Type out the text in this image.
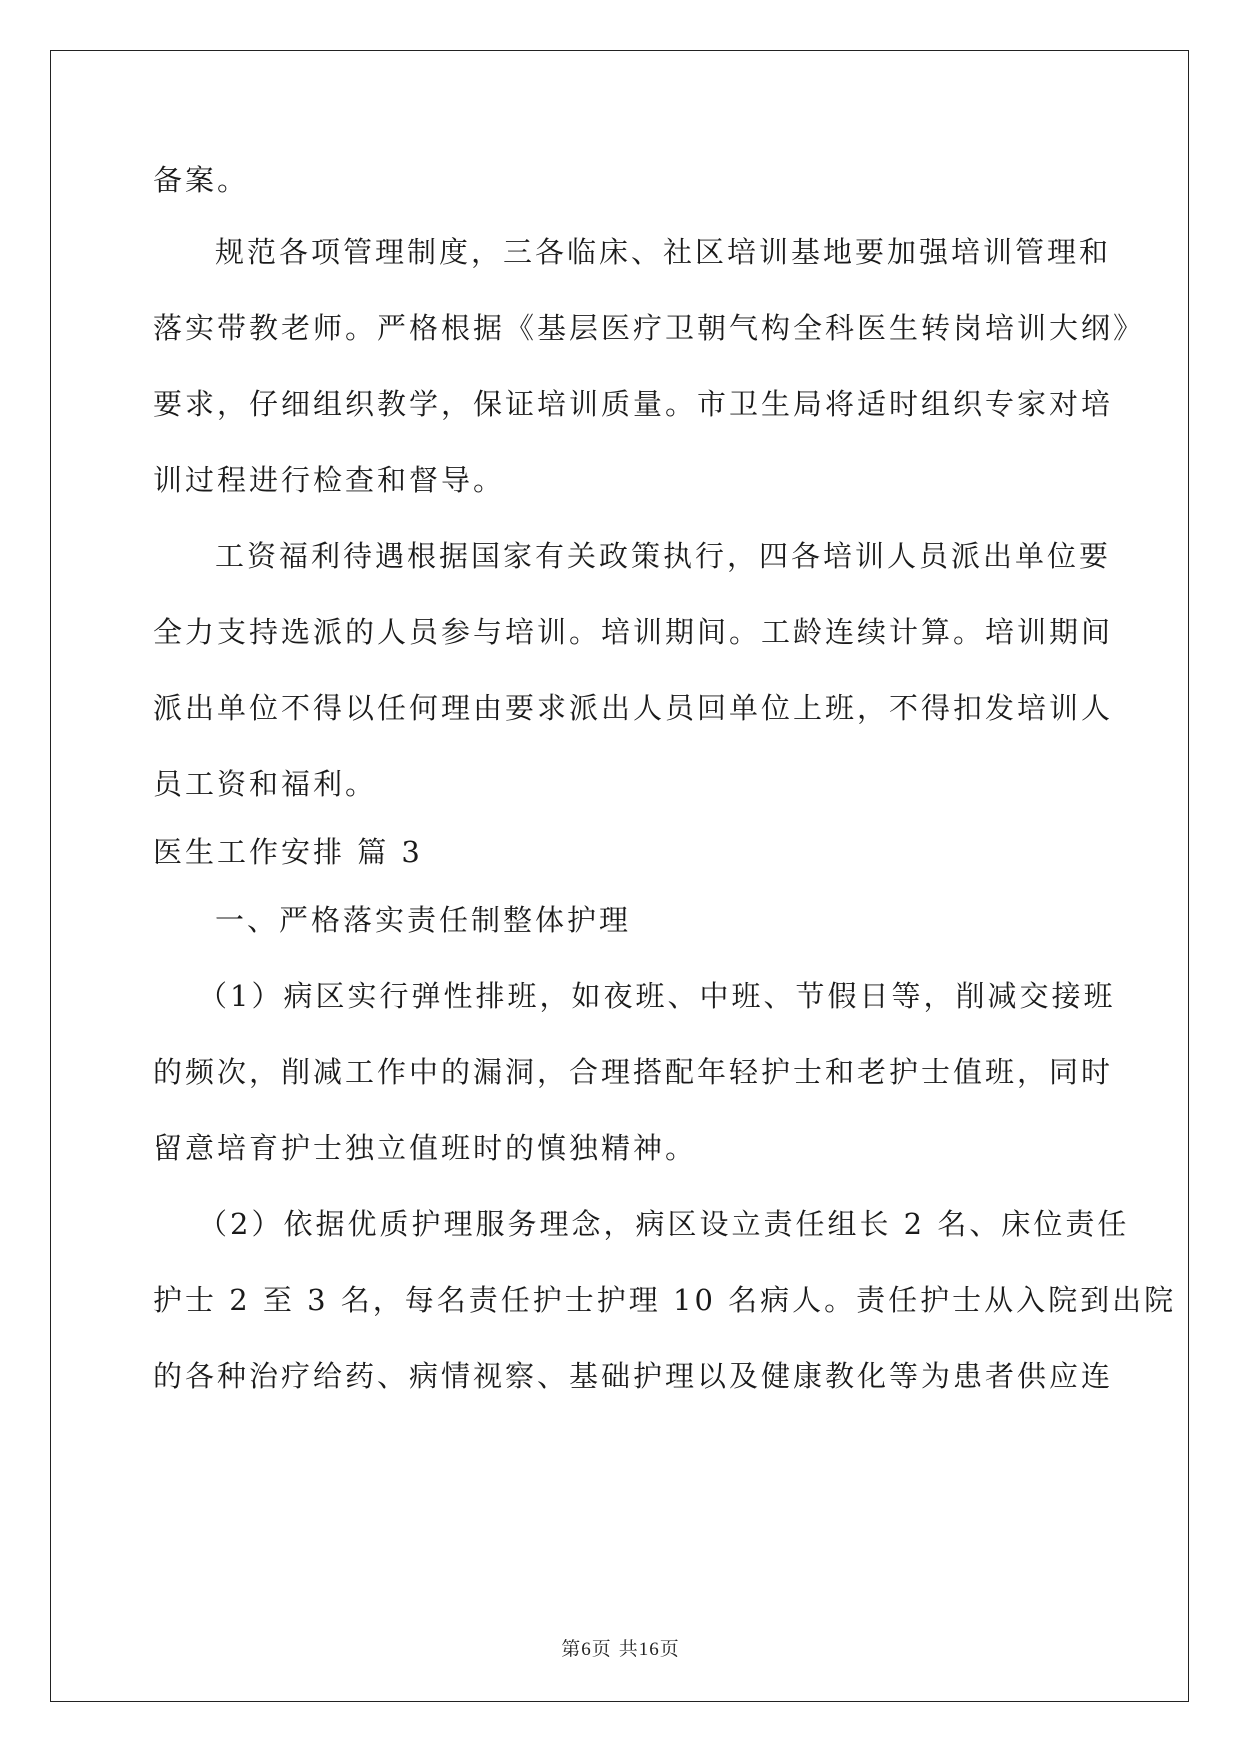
备案。
规范各项管理制度，三各临床、社区培训基地要加强培训管理和
落实带教老师。严格根据《基层医疗卫朝气构全科医生转岗培训大纲》
要求，仔细组织教学，保证培训质量。市卫生局将适时组织专家对培
训过程进行检查和督导。
工资福利待遇根据国家有关政策执行，四各培训人员派出单位要
全力支持选派的人员参与培训。培训期间。工龄连续计算。培训期间
派出单位不得以任何理由要求派出人员回单位上班，不得扣发培训人
员工资和福利。
医生工作安排 篇 3
一、严格落实责任制整体护理
（1）病区实行弹性排班，如夜班、中班、节假日等，削减交接班
的频次，削减工作中的漏洞，合理搭配年轻护士和老护士值班，同时
留意培育护士独立值班时的慎独精神。
（2）依据优质护理服务理念，病区设立责任组长 2 名、床位责任
护士 2 至 3 名，每名责任护士护理 10 名病人。责任护士从入院到出院
的各种治疗给药、病情视察、基础护理以及健康教化等为患者供应连
第6页 共16页
